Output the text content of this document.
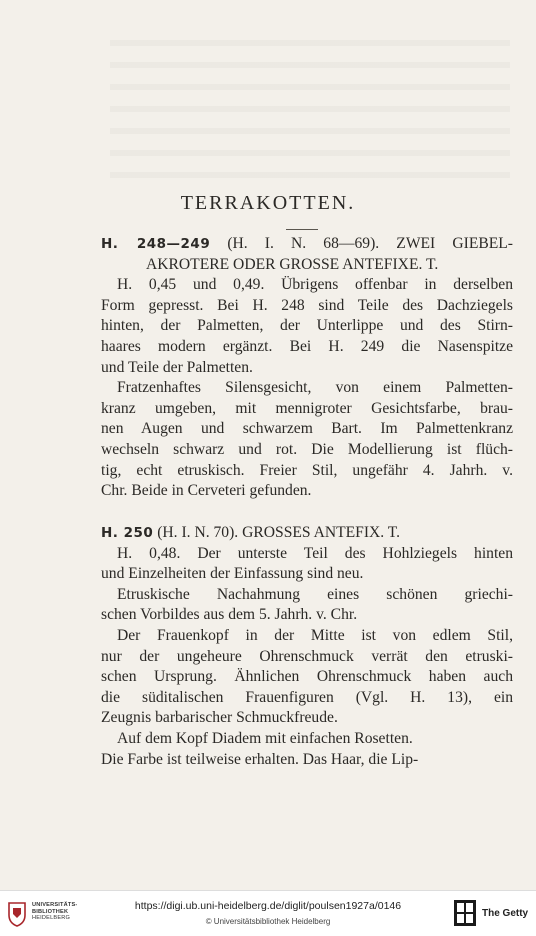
TERRAKOTTEN.
H. 248—249 (H. I. N. 68—69). ZWEI GIEBEL-
AKROTERE ODER GROSSE ANTEFIXE. T.
H. 0,45 und 0,49. Übrigens offenbar in derselben
Form gepresst. Bei H. 248 sind Teile des Dachziegels
hinten, der Palmetten, der Unterlippe und des Stirn-
haares modern ergänzt. Bei H. 249 die Nasenspitze
und Teile der Palmetten.
Fratzenhaftes Silensgesicht, von einem Palmetten-
kranz umgeben, mit mennigroter Gesichtsfarbe, brau-
nen Augen und schwarzem Bart. Im Palmettenkranz
wechseln schwarz und rot. Die Modellierung ist flüch-
tig, echt etruskisch. Freier Stil, ungefähr 4. Jahrh. v.
Chr. Beide in Cerveteri gefunden.
H. 250 (H. I. N. 70). GROSSES ANTEFIX. T.
H. 0,48. Der unterste Teil des Hohlziegels hinten
und Einzelheiten der Einfassung sind neu.
Etruskische Nachahmung eines schönen griechi-
schen Vorbildes aus dem 5. Jahrh. v. Chr.
Der Frauenkopf in der Mitte ist von edlem Stil,
nur der ungeheure Ohrenschmuck verrät den etruski-
schen Ursprung. Ähnlichen Ohrenschmuck haben auch
die süditalischen Frauenfiguren (Vgl. H. 13), ein
Zeugnis barbarischer Schmuckfreude.
Auf dem Kopf Diadem mit einfachen Rosetten.
Die Farbe ist teilweise erhalten. Das Haar, die Lip-
UNIVERSITÄTS-
BIBLIOTHEK
HEIDELBERG
https://digi.ub.uni-heidelberg.de/diglit/poulsen1927a/0146
© Universitätsbibliothek Heidelberg
The Getty
